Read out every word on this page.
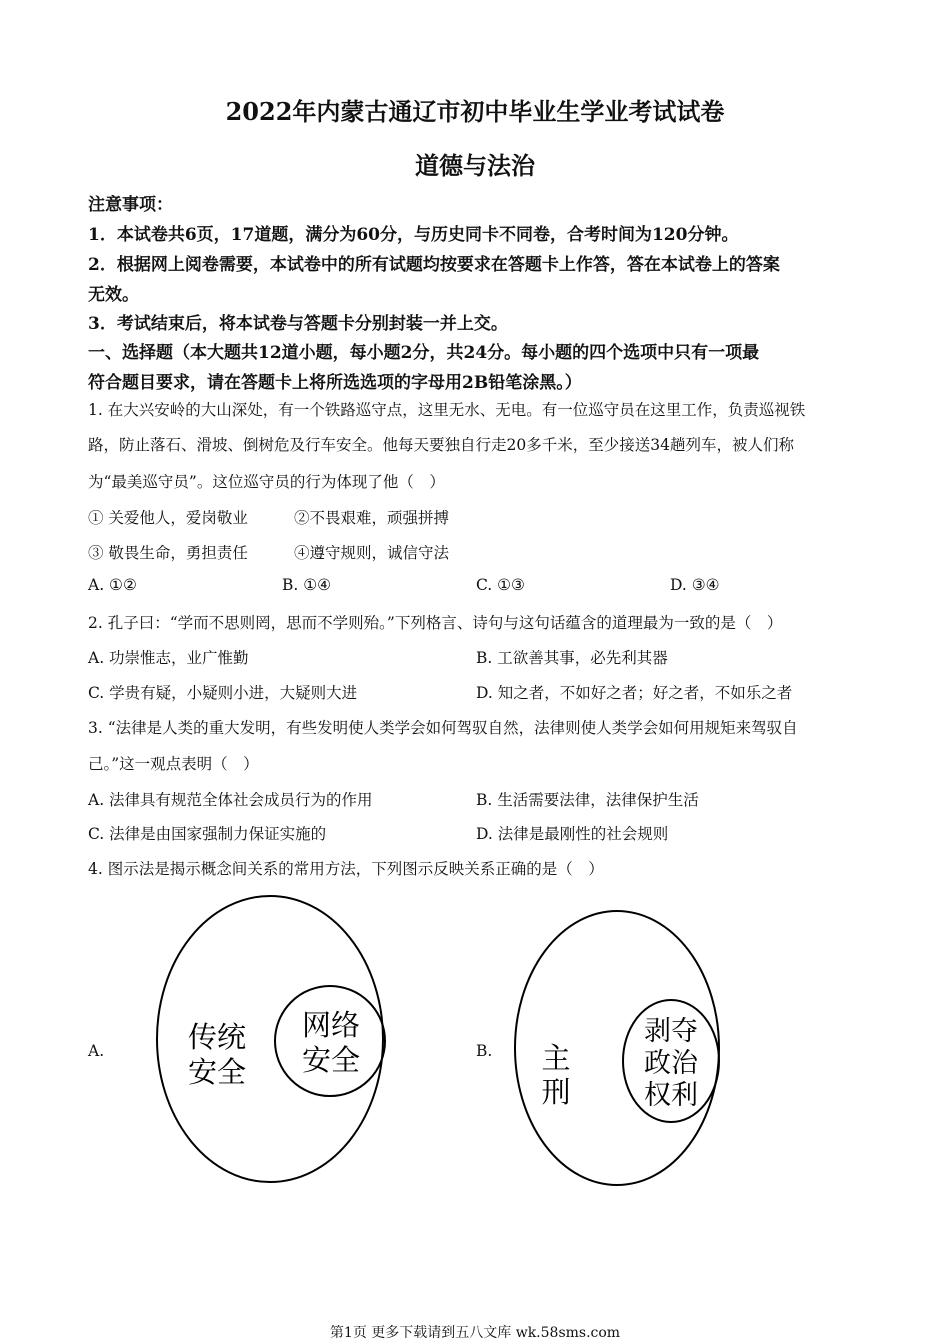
2022年内蒙古通辽市初中毕业生学业考试试卷
道德与法治
注意事项：
1．本试卷共6页，17道题，满分为60分，与历史同卡不同卷，合考时间为120分钟。
2．根据网上阅卷需要，本试卷中的所有试题均按要求在答题卡上作答，答在本试卷上的答案
无效。
3．考试结束后，将本试卷与答题卡分别封装一并上交。
一、选择题（本大题共12道小题，每小题2分，共24分。每小题的四个选项中只有一项最
符合题目要求，请在答题卡上将所选选项的字母用2B铅笔涂黑。）
1. 在大兴安岭的大山深处，有一个铁路巡守点，这里无水、无电。有一位巡守员在这里工作，负责巡视铁
路，防止落石、滑坡、倒树危及行车安全。他每天要独自行走20多千米，至少接送34趟列车，被人们称
为“最美巡守员”。这位巡守员的行为体现了他（　）
① 关爱他人，爱岗敬业	②不畏艰难，顽强拼搏
③ 敬畏生命，勇担责任	④遵守规则，诚信守法
A. ①②	B. ①④	C. ①③	D. ③④
2. 孔子曰：“学而不思则罔，思而不学则殆。”下列格言、诗句与这句话蕴含的道理最为一致的是（　）
A. 功崇惟志，业广惟勤	B. 工欲善其事，必先利其器
C. 学贵有疑，小疑则小进，大疑则大进	D. 知之者，不如好之者；好之者，不如乐之者
3. “法律是人类的重大发明，有些发明使人类学会如何驾驭自然，法律则使人类学会如何用规矩来驾驭自
己。”这一观点表明（　）
A. 法律具有规范全体社会成员行为的作用	B. 生活需要法律，法律保护生活
C. 法律是由国家强制力保证实施的	D. 法律是最刚性的社会规则
4. 图示法是揭示概念间关系的常用方法，下列图示反映关系正确的是（　）
A.	传统
安全
网络
安全	B. 主
刑
剥夺
政治
权利
第1页 更多下载请到五八文库 wk.58sms.com
